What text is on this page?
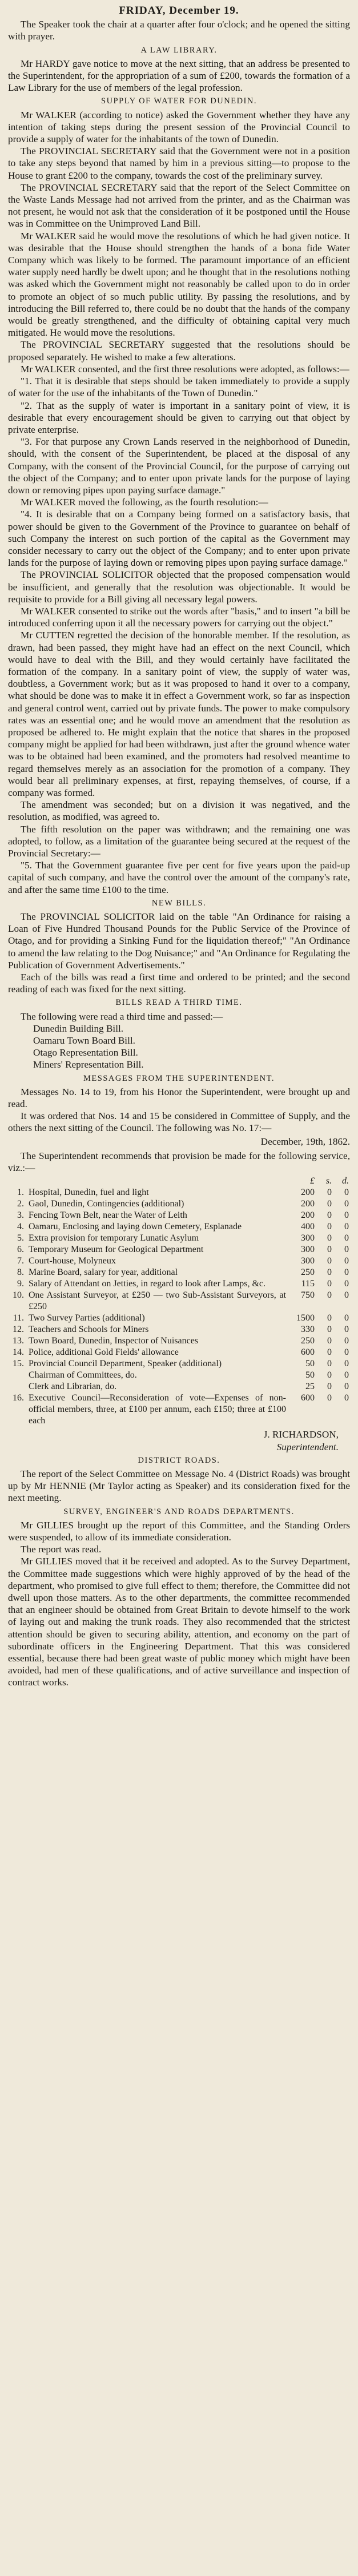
FRIDAY, December 19.

The Speaker took the chair at a quarter after four o'clock; and he opened the sitting with prayer.

A LAW LIBRARY.

Mr HARDY gave notice to move at the next sitting, that an address be presented to the Superintendent, for the appropriation of a sum of £200, towards the formation of a Law Library for the use of members of the legal profession.

SUPPLY OF WATER FOR DUNEDIN.

Mr WALKER (according to notice) asked the Government whether they have any intention of taking steps during the present session of the Provincial Council to provide a supply of water for the inhabitants of the town of Dunedin.

The PROVINCIAL SECRETARY said that the Government were not in a position to take any steps beyond that named by him in a previous sitting—to propose to the House to grant £200 to the company, towards the cost of the preliminary survey.

The PROVINCIAL SECRETARY said that the report of the Select Committee on the Waste Lands Message had not arrived from the printer, and as the Chairman was not present, he would not ask that the consideration of it be postponed until the House was in Committee on the Unimproved Land Bill.

Mr WALKER said he would move the resolutions of which he had given notice. It was desirable that the House should strengthen the hands of a bona fide Water Company which was likely to be formed. The paramount importance of an efficient water supply need hardly be dwelt upon; and he thought that in the resolutions nothing was asked which the Government might not reasonably be called upon to do in order to promote an object of so much public utility. By passing the resolutions, and by introducing the Bill referred to, there could be no doubt that the hands of the company would be greatly strengthened, and the difficulty of obtaining capital very much mitigated. He would move the resolutions.

The PROVINCIAL SECRETARY suggested that the resolutions should be proposed separately. He wished to make a few alterations.

Mr WALKER consented, and the first three resolutions were adopted, as follows:—

"1. That it is desirable that steps should be taken immediately to provide a supply of water for the use of the inhabitants of the Town of Dunedin."

"2. That as the supply of water is important in a sanitary point of view, it is desirable that every encouragement should be given to carrying out that object by private enterprise.

"3. For that purpose any Crown Lands reserved in the neighborhood of Dunedin, should, with the consent of the Superintendent, be placed at the disposal of any Company, with the consent of the Provincial Council, for the purpose of carrying out the object of the Company; and to enter upon private lands for the purpose of laying down or removing pipes upon paying surface damage."

Mr WALKER moved the following, as the fourth resolution:—

"4. It is desirable that on a Company being formed on a satisfactory basis, that power should be given to the Government of the Province to guarantee on behalf of such Company the interest on such portion of the capital as the Government may consider necessary to carry out the object of the Company; and to enter upon private lands for the purpose of laying down or removing pipes upon paying surface damage."

The PROVINCIAL SOLICITOR objected that the proposed compensation would be insufficient, and generally that the resolution was objectionable. It would be requisite to provide for a Bill giving all necessary legal powers.

Mr WALKER consented to strike out the words after "basis," and to insert "a bill be introduced conferring upon it all the necessary powers for carrying out the object."

Mr CUTTEN regretted the decision of the honorable member. If the resolution, as drawn, had been passed, they might have had an effect on the next Council, which would have to deal with the Bill, and they would certainly have facilitated the formation of the company. In a sanitary point of view, the supply of water was, doubtless, a Government work; but as it was proposed to hand it over to a company, what should be done was to make it in effect a Government work, so far as inspection and general control went, carried out by private funds. The power to make compulsory rates was an essential one; and he would move an amendment that the resolution as proposed be adhered to. He might explain that the notice that shares in the proposed company might be applied for had been withdrawn, just after the ground whence water was to be obtained had been examined, and the promoters had resolved meantime to regard themselves merely as an association for the promotion of a company. They would bear all preliminary expenses, at first, repaying themselves, of course, if a company was formed.

The amendment was seconded; but on a division it was negatived, and the resolution, as modified, was agreed to.

The fifth resolution on the paper was withdrawn; and the remaining one was adopted, to follow, as a limitation of the guarantee being secured at the request of the Provincial Secretary:—

"5. That the Government guarantee five per cent for five years upon the paid-up capital of such company, and have the control over the amount of the company's rate, and after the same time £100 to the time.

NEW BILLS.

The PROVINCIAL SOLICITOR laid on the table "An Ordinance for raising a Loan of Five Hundred Thousand Pounds for the Public Service of the Province of Otago, and for providing a Sinking Fund for the liquidation thereof;" "An Ordinance to amend the law relating to the Dog Nuisance;" and "An Ordinance for Regulating the Publication of Government Advertisements."

Each of the bills was read a first time and ordered to be printed; and the second reading of each was fixed for the next sitting.

BILLS READ A THIRD TIME.

The following were read a third time and passed:—

Dunedin Building Bill.
Oamaru Town Board Bill.
Otago Representation Bill.
Miners' Representation Bill.
MESSAGES FROM THE SUPERINTENDENT.

Messages No. 14 to 19, from his Honor the Superintendent, were brought up and read.

It was ordered that Nos. 14 and 15 be considered in Committee of Supply, and the others the next sitting of the Council. The following was No. 17:—

December, 19th, 1862.

The Superintendent recommends that provision be made for the following service, viz.:—

		£	s.	d.
1.	Hospital, Dunedin, fuel and light	200	0	0
2.	Gaol, Dunedin, Contingencies (additional)	200	0	0
3.	Fencing Town Belt, near the Water of Leith	200	0	0
4.	Oamaru, Enclosing and laying down Cemetery, Esplanade	400	0	0
5.	Extra provision for temporary Lunatic Asylum	300	0	0
6.	Temporary Museum for Geological Department	300	0	0
7.	Court-house, Molyneux	300	0	0
8.	Marine Board, salary for year, additional	250	0	0
9.	Salary of Attendant on Jetties, in regard to look after Lamps, &c.	115	0	0
10.	One Assistant Surveyor, at £250 — two Sub-Assistant Surveyors, at £250	750	0	0
11.	Two Survey Parties (additional)	1500	0	0
12.	Teachers and Schools for Miners	330	0	0
13.	Town Board, Dunedin, Inspector of Nuisances	250	0	0
14.	Police, additional Gold Fields' allowance	600	0	0
15.	Provincial Council Department, Speaker (additional)	50	0	0
	Chairman of Committees, do.	50	0	0
	Clerk and Librarian, do.	25	0	0
16.	Executive Council—Reconsideration of vote—Expenses of non-official members, three, at £100 per annum, each £150; three at £100 each	600	0	0

J. RICHARDSON,

Superintendent.

DISTRICT ROADS.

The report of the Select Committee on Message No. 4 (District Roads) was brought up by Mr HENNIE (Mr Taylor acting as Speaker) and its consideration fixed for the next meeting.

SURVEY, ENGINEER'S AND ROADS DEPARTMENTS.

Mr GILLIES brought up the report of this Committee, and the Standing Orders were suspended, to allow of its immediate consideration.

The report was read.

Mr GILLIES moved that it be received and adopted. As to the Survey Department, the Committee made suggestions which were highly approved of by the head of the department, who promised to give full effect to them; therefore, the Committee did not dwell upon those matters. As to the other departments, the committee recommended that an engineer should be obtained from Great Britain to devote himself to the work of laying out and making the trunk roads. They also recommended that the strictest attention should be given to securing ability, attention, and economy on the part of subordinate officers in the Engineering Department. That this was considered essential, because there had been great waste of public money which might have been avoided, had men of these qualifications, and of active surveillance and inspection of contract works.
